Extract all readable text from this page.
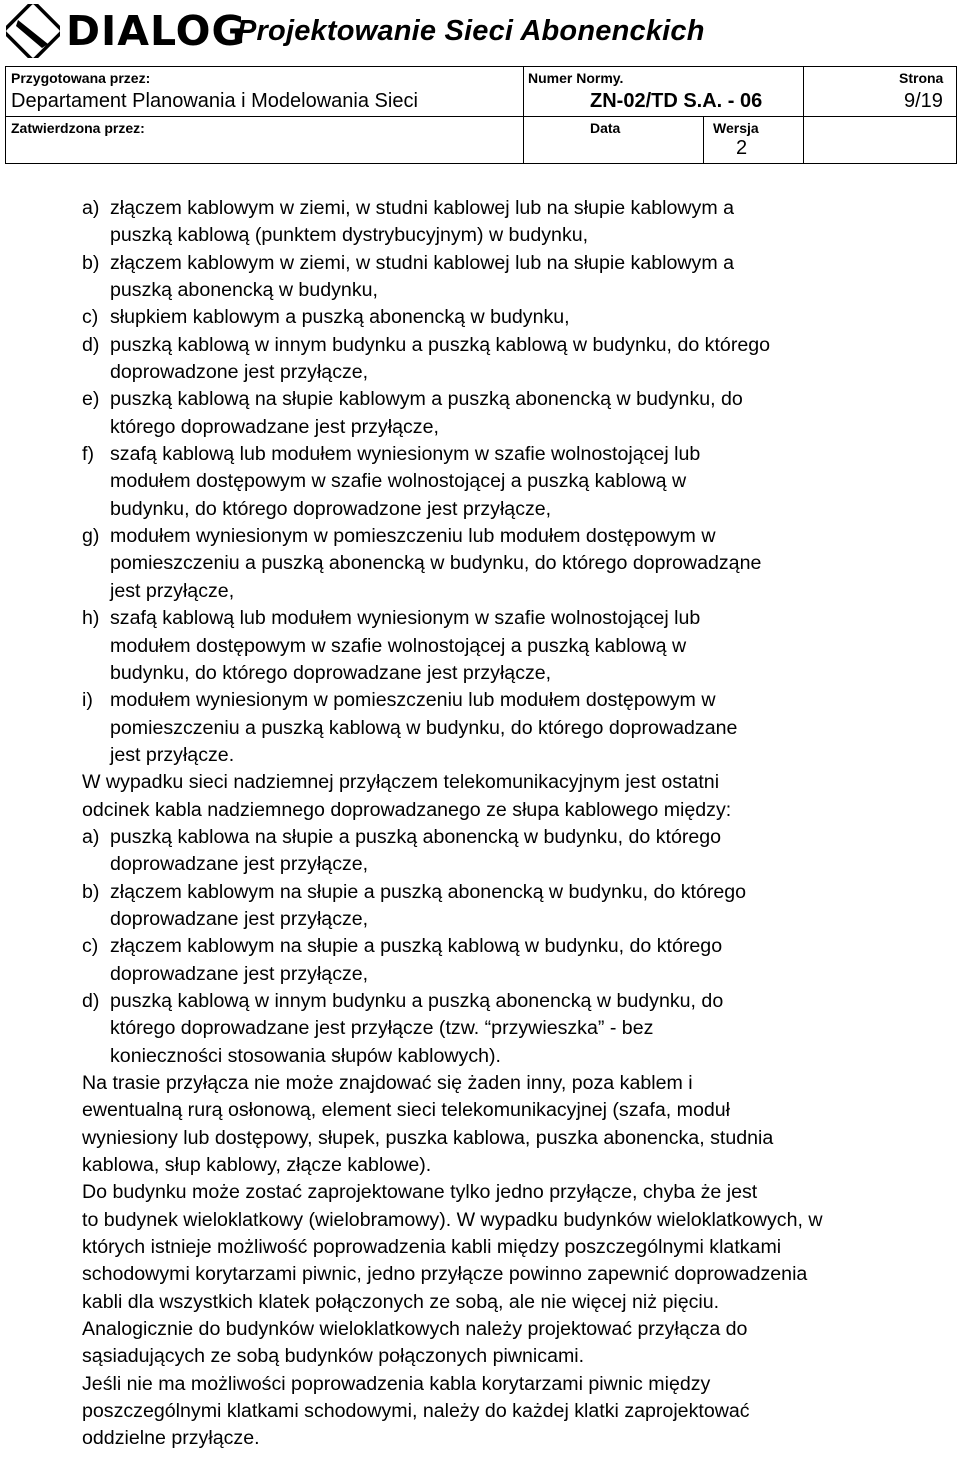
DIALOG
Projektowanie Sieci Abonenckich
Przygotowana przez:
Departament Planowania i Modelowania Sieci
Zatwierdzona przez:
Numer Normy.
ZN-02/TD S.A. - 06
Data	Wersja
2
Strona
9/19
a) złączem kablowym w ziemi, w studni kablowej lub na słupie kablowym a
puszką kablową (punktem dystrybucyjnym) w budynku,
b) złączem kablowym w ziemi, w studni kablowej lub na słupie kablowym a
puszką abonencką w budynku,
c) słupkiem kablowym a puszką abonencką w budynku,
d) puszką kablową w innym budynku a puszką kablową w budynku, do którego
doprowadzone jest przyłącze,
e) puszką kablową na słupie kablowym a puszką abonencką w budynku, do
którego doprowadzane jest przyłącze,
f) szafą kablową lub modułem wyniesionym w szafie wolnostojącej lub
modułem dostępowym w szafie wolnostojącej a puszką kablową w
budynku, do którego doprowadzone jest przyłącze,
g) modułem wyniesionym w pomieszczeniu lub modułem dostępowym w
pomieszczeniu a puszką abonencką w budynku, do którego doprowadząne
jest przyłącze,
h) szafą kablową lub modułem wyniesionym w szafie wolnostojącej lub
modułem dostępowym w szafie wolnostojącej a puszką kablową w
budynku, do którego doprowadzane jest przyłącze,
i) modułem wyniesionym w pomieszczeniu lub modułem dostępowym w
pomieszczeniu a puszką kablową w budynku, do którego doprowadzane
jest przyłącze.
W wypadku sieci nadziemnej przyłączem telekomunikacyjnym jest ostatni
odcinek kabla nadziemnego doprowadzanego ze słupa kablowego między:
a) puszką kablowa na słupie a puszką abonencką w budynku, do którego
doprowadzane jest przyłącze,
b) złączem kablowym na słupie a puszką abonencką w budynku, do którego
doprowadzane jest przyłącze,
c) złączem kablowym na słupie a puszką kablową w budynku, do którego
doprowadzane jest przyłącze,
d) puszką kablową w innym budynku a puszką abonencką w budynku, do
którego doprowadzane jest przyłącze (tzw. “przywieszka” - bez
konieczności stosowania słupów kablowych).
Na trasie przyłącza nie może znajdować się żaden inny, poza kablem i
ewentualną rurą osłonową, element sieci telekomunikacyjnej (szafa, moduł
wyniesiony lub dostępowy, słupek, puszka kablowa, puszka abonencka, studnia
kablowa, słup kablowy, złącze kablowe).
Do budynku może zostać zaprojektowane tylko jedno przyłącze, chyba że jest
to budynek wieloklatkowy (wielobramowy). W wypadku budynków wieloklatkowych, w
których istnieje możliwość poprowadzenia kabli między poszczególnymi klatkami
schodowymi korytarzami piwnic, jedno przyłącze powinno zapewnić doprowadzenia
kabli dla wszystkich klatek połączonych ze sobą, ale nie więcej niż pięciu.
Analogicznie do budynków wieloklatkowych należy projektować przyłącza do
sąsiadujących ze sobą budynków połączonych piwnicami.
Jeśli nie ma możliwości poprowadzenia kabla korytarzami piwnic między
poszczególnymi klatkami schodowymi, należy do każdej klatki zaprojektować
oddzielne przyłącze.
